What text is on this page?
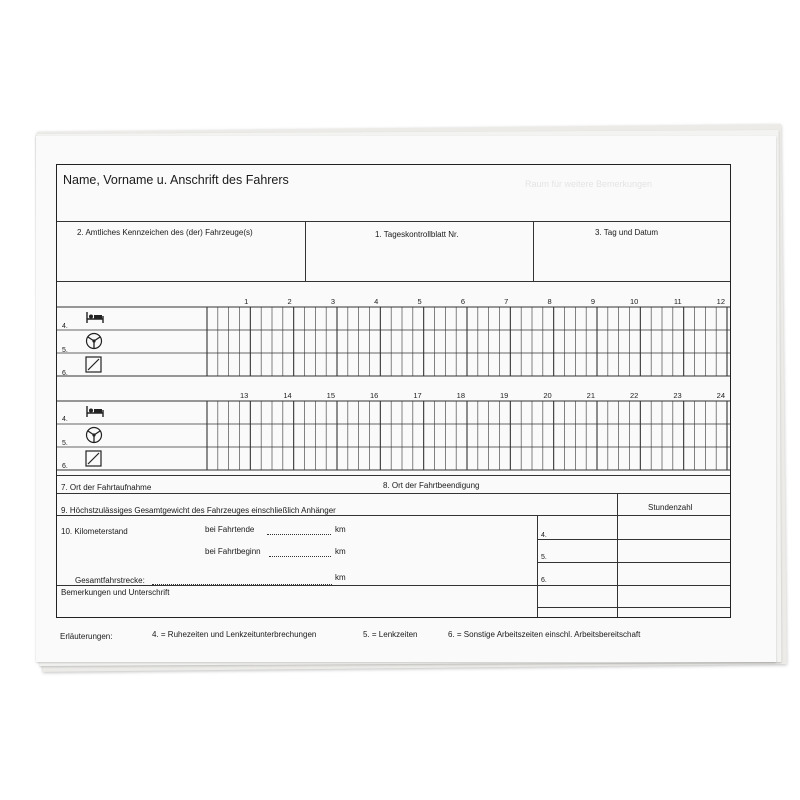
Name, Vorname u. Anschrift des Fahrers	Raum für weitere Bemerkungen
2. Amtliches Kennzeichen des (der) Fahrzeuge(s)	1. Tageskontrollblatt Nr.	3. Tag und Datum
1	2	3	4	5	6	7	8	9	10	11	12
13	14	15	16	17	18	19	20	21	22	23	24
4.
5.
6.
4.
5.
6.
7. Ort der Fahrtaufnahme	8. Ort der Fahrtbeendigung
9. Höchstzulässiges Gesamtgewicht des Fahrzeuges einschließlich Anhänger	Stundenzahl
10. Kilometerstand	bei Fahrtende	km
bei Fahrtbeginn	km
Gesamtfahrstrecke:	km
Bemerkungen und Unterschrift
4.
5.
6.
Erläuterungen:	4. = Ruhezeiten und Lenkzeitunterbrechungen	5. = Lenkzeiten	6. = Sonstige Arbeitszeiten einschl. Arbeitsbereitschaft
